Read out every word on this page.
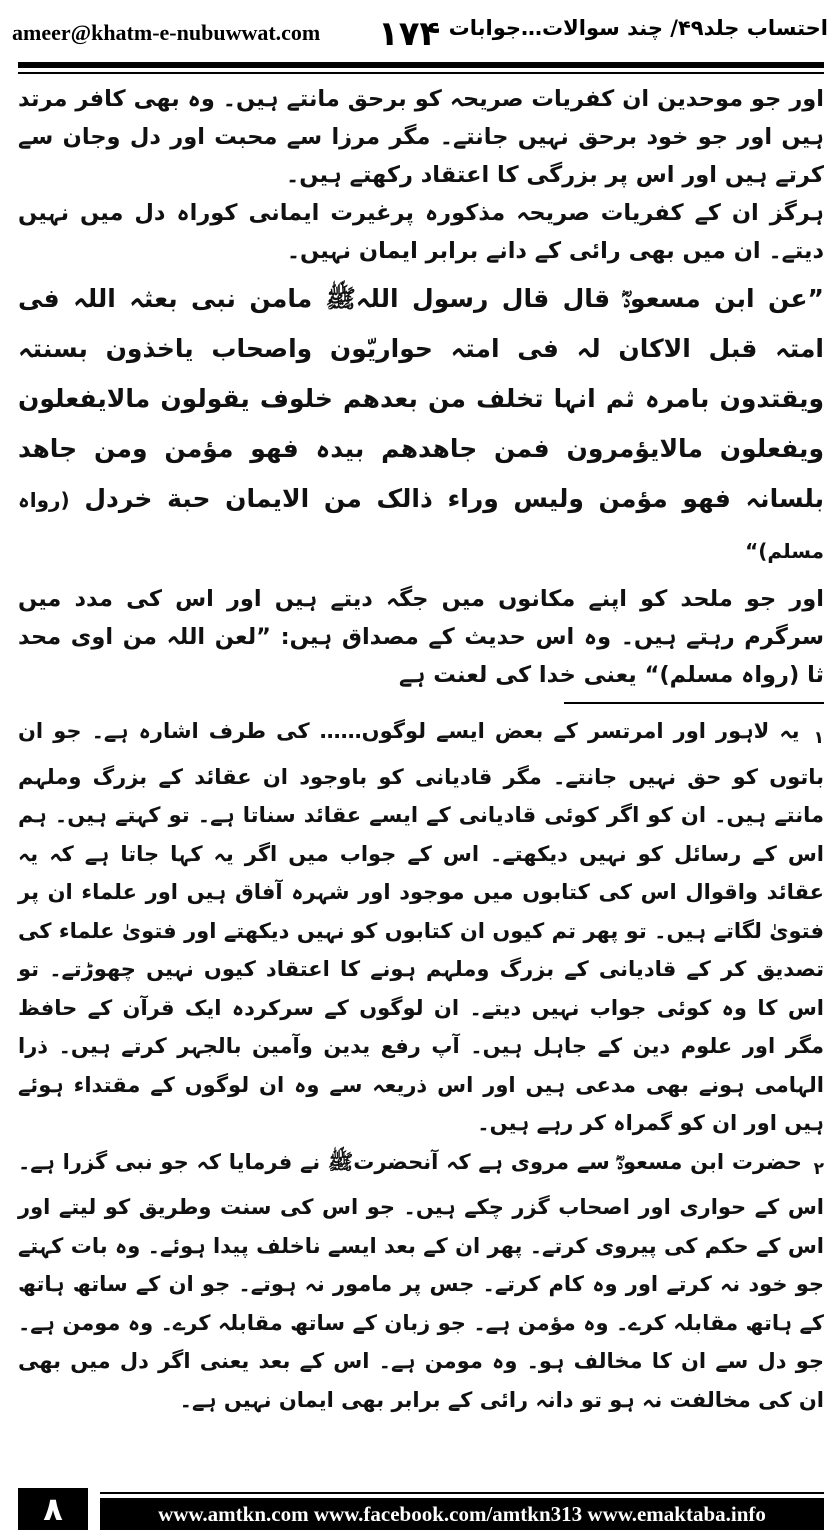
ameer@khatm-e-nubuwwat.com ۱۷۴ احتساب جلد۴۹/ چند سوالات…جوابات

اور جو موحدین ان کفریات صریحہ کو برحق مانتے ہیں۔ وہ بھی کافر مرتد ہیں اور جو خود برحق نہیں جانتے۔ مگر مرزا سے محبت اور دل وجان سے کرتے ہیں اور اس پر بزرگی کا اعتقاد رکھتے ہیں۔

ہرگز ان کے کفریات صریحہ مذکورہ پرغیرت ایمانی کوراہ دل میں نہیں دیتے۔ ان میں بھی رائی کے دانے برابر ایمان نہیں۔

”عن ابن مسعودؓ قال قال رسول اللہﷺ مامن نبی بعثہ اللہ فی امتہ قبل الاکان لہ فی امتہ حواریّون واصحاب یاخذون بسنتہ ویقتدون بامرہ ثم انہا تخلف من بعدھم خلوف یقولون مالایفعلون ویفعلون مالایؤمرون فمن جاھدھم بیدہ فھو مؤمن ومن جاھد بلسانہ فھو مؤمن ولیس وراء ذالک من الایمان حبة خردل (رواہ مسلم)“

اور جو ملحد کو اپنے مکانوں میں جگہ دیتے ہیں اور اس کی مدد میں سرگرم رہتے ہیں۔ وہ اس حدیث کے مصداق ہیں: ”لعن اللہ من اوی محد ثا (رواہ مسلم)“ یعنی خدا کی لعنت ہے

$_۱$ یہ لاہور اور امرتسر کے بعض ایسے لوگوں…… کی طرف اشارہ ہے۔ جو ان باتوں کو حق نہیں جانتے۔ مگر قادیانی کو باوجود ان عقائد کے بزرگ وملہم مانتے ہیں۔ ان کو اگر کوئی قادیانی کے ایسے عقائد سناتا ہے۔ تو کہتے ہیں۔ ہم اس کے رسائل کو نہیں دیکھتے۔ اس کے جواب میں اگر یہ کہا جاتا ہے کہ یہ عقائد واقوال اس کی کتابوں میں موجود اور شہرہ آفاق ہیں اور علماء ان پر فتویٰ لگاتے ہیں۔ تو پھر تم کیوں ان کتابوں کو نہیں دیکھتے اور فتویٰ علماء کی تصدیق کر کے قادیانی کے بزرگ وملہم ہونے کا اعتقاد کیوں نہیں چھوڑتے۔ تو اس کا وہ کوئی جواب نہیں دیتے۔ ان لوگوں کے سرکردہ ایک قرآن کے حافظ مگر اور علوم دین کے جاہل ہیں۔ آپ رفع یدین وآمین بالجہر کرتے ہیں۔ ذرا الہامی ہونے بھی مدعی ہیں اور اس ذریعہ سے وہ ان لوگوں کے مقتداء ہوئے ہیں اور ان کو گمراہ کر رہے ہیں۔

$_۲$ حضرت ابن مسعودؓ سے مروی ہے کہ آنحضرتﷺ نے فرمایا کہ جو نبی گزرا ہے۔ اس کے حواری اور اصحاب گزر چکے ہیں۔ جو اس کی سنت وطریق کو لیتے اور اس کے حکم کی پیروی کرتے۔ پھر ان کے بعد ایسے ناخلف پیدا ہوئے۔ وہ بات کہتے جو خود نہ کرتے اور وہ کام کرتے۔ جس پر مامور نہ ہوتے۔ جو ان کے ساتھ ہاتھ کے ہاتھ مقابلہ کرے۔ وہ مؤمن ہے۔ جو زبان کے ساتھ مقابلہ کرے۔ وہ مومن ہے۔ جو دل سے ان کا مخالف ہو۔ وہ مومن ہے۔ اس کے بعد یعنی اگر دل میں بھی ان کی مخالفت نہ ہو تو دانہ رائی کے برابر بھی ایمان نہیں ہے۔

۸	www.amtkn.com www.facebook.com/amtkn313 www.emaktaba.info
